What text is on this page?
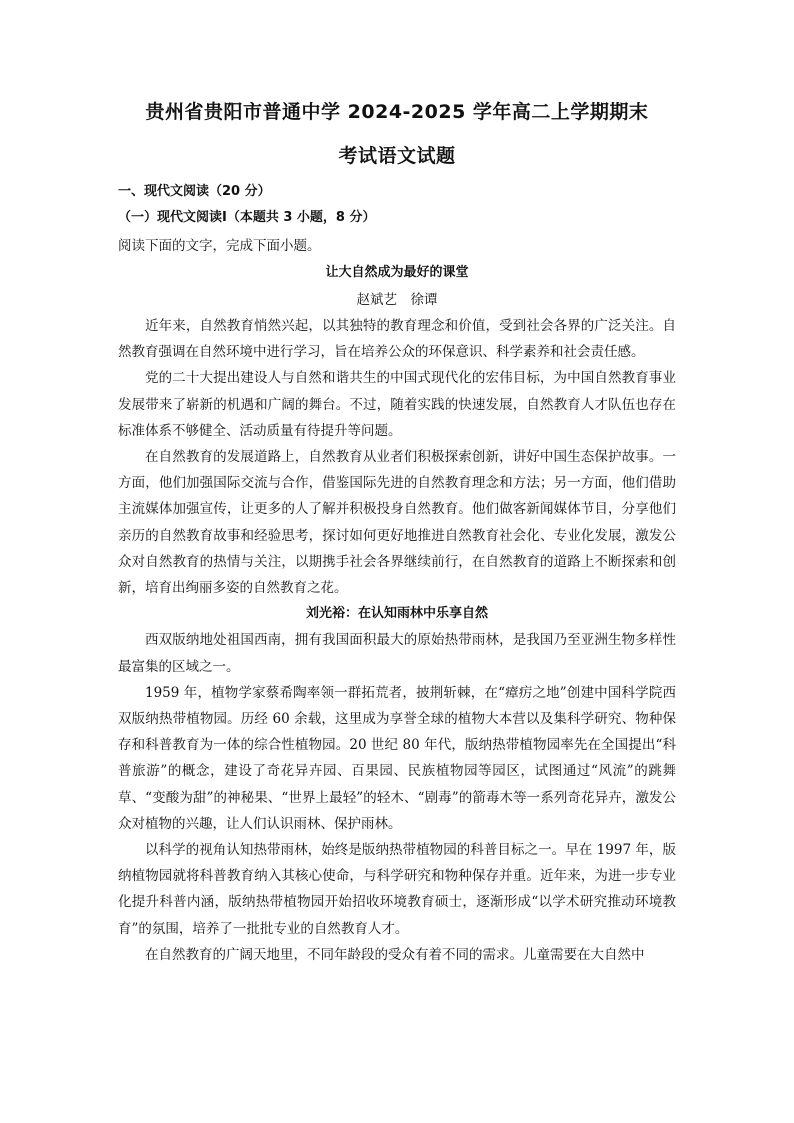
贵州省贵阳市普通中学 2024-2025 学年高二上学期期末
考试语文试题
一、现代文阅读（20 分）
（一）现代文阅读Ⅰ（本题共 3 小题，8 分）
阅读下面的文字，完成下面小题。
让大自然成为最好的课堂
赵斌艺　徐谭

近年来，自然教育悄然兴起，以其独特的教育理念和价值，受到社会各界的广泛关注。自然教育强调在自然环境中进行学习，旨在培养公众的环保意识、科学素养和社会责任感。

党的二十大提出建设人与自然和谐共生的中国式现代化的宏伟目标，为中国自然教育事业发展带来了崭新的机遇和广阔的舞台。不过，随着实践的快速发展，自然教育人才队伍也存在标准体系不够健全、活动质量有待提升等问题。

在自然教育的发展道路上，自然教育从业者们积极探索创新，讲好中国生态保护故事。一方面，他们加强国际交流与合作，借鉴国际先进的自然教育理念和方法；另一方面，他们借助主流媒体加强宣传，让更多的人了解并积极投身自然教育。他们做客新闻媒体节目，分享他们亲历的自然教育故事和经验思考，探讨如何更好地推进自然教育社会化、专业化发展，激发公众对自然教育的热情与关注，以期携手社会各界继续前行，在自然教育的道路上不断探索和创新，培育出绚丽多姿的自然教育之花。

刘光裕：在认知雨林中乐享自然

西双版纳地处祖国西南，拥有我国面积最大的原始热带雨林，是我国乃至亚洲生物多样性最富集的区域之一。

1959 年，植物学家蔡希陶率领一群拓荒者，披荆斩棘，在“瘴疠之地”创建中国科学院西双版纳热带植物园。历经 60 余载，这里成为享誉全球的植物大本营以及集科学研究、物种保存和科普教育为一体的综合性植物园。20 世纪 80 年代，版纳热带植物园率先在全国提出“科普旅游”的概念，建设了奇花异卉园、百果园、民族植物园等园区，试图通过“风流”的跳舞草、“变酸为甜”的神秘果、“世界上最轻”的轻木、“剧毒”的箭毒木等一系列奇花异卉，激发公众对植物的兴趣，让人们认识雨林、保护雨林。

以科学的视角认知热带雨林，始终是版纳热带植物园的科普目标之一。早在 1997 年，版纳植物园就将科普教育纳入其核心使命，与科学研究和物种保存并重。近年来，为进一步专业化提升科普内涵，版纳热带植物园开始招收环境教育硕士，逐渐形成“以学术研究推动环境教育”的氛围，培养了一批批专业的自然教育人才。

在自然教育的广阔天地里，不同年龄段的受众有着不同的需求。儿童需要在大自然中
